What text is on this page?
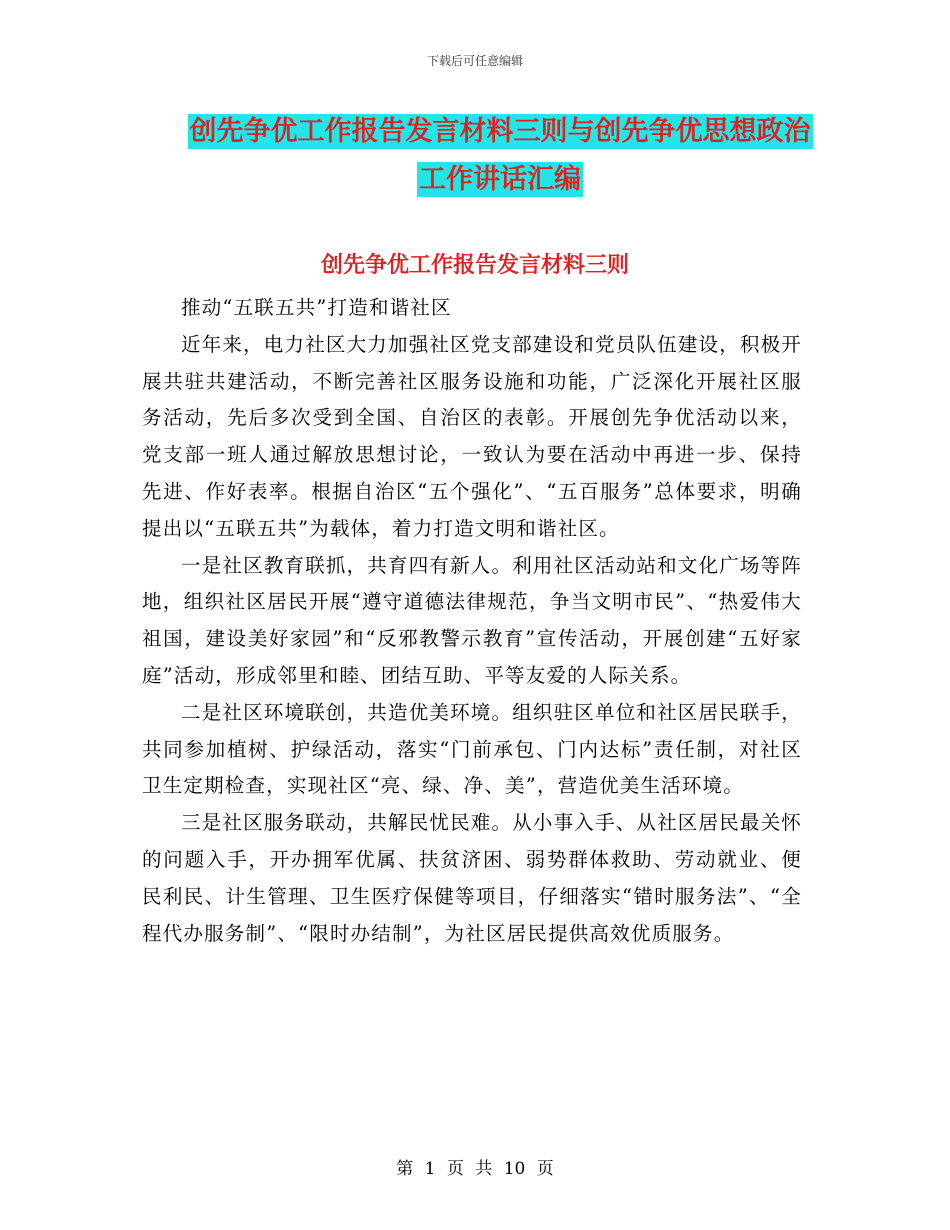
下载后可任意编辑
创先争优工作报告发言材料三则与创先争优思想政治
工作讲话汇编
创先争优工作报告发言材料三则

推动“五联五共”打造和谐社区

近年来，电力社区大力加强社区党支部建设和党员队伍建设，积极开展共驻共建活动，不断完善社区服务设施和功能，广泛深化开展社区服务活动，先后多次受到全国、自治区的表彰。开展创先争优活动以来，党支部一班人通过解放思想讨论，一致认为要在活动中再进一步、保持先进、作好表率。根据自治区“五个强化”、“五百服务”总体要求，明确提出以“五联五共”为载体，着力打造文明和谐社区。

一是社区教育联抓，共育四有新人。利用社区活动站和文化广场等阵地，组织社区居民开展“遵守道德法律规范，争当文明市民”、“热爱伟大祖国，建设美好家园”和“反邪教警示教育”宣传活动，开展创建“五好家庭”活动，形成邻里和睦、团结互助、平等友爱的人际关系。

二是社区环境联创，共造优美环境。组织驻区单位和社区居民联手，共同参加植树、护绿活动，落实“门前承包、门内达标”责任制，对社区卫生定期检查，实现社区“亮、绿、净、美”，营造优美生活环境。

三是社区服务联动，共解民忧民难。从小事入手、从社区居民最关怀的问题入手，开办拥军优属、扶贫济困、弱势群体救助、劳动就业、便民利民、计生管理、卫生医疗保健等项目，仔细落实“错时服务法”、“全程代办服务制”、“限时办结制”，为社区居民提供高效优质服务。

第 1 页 共 10 页
